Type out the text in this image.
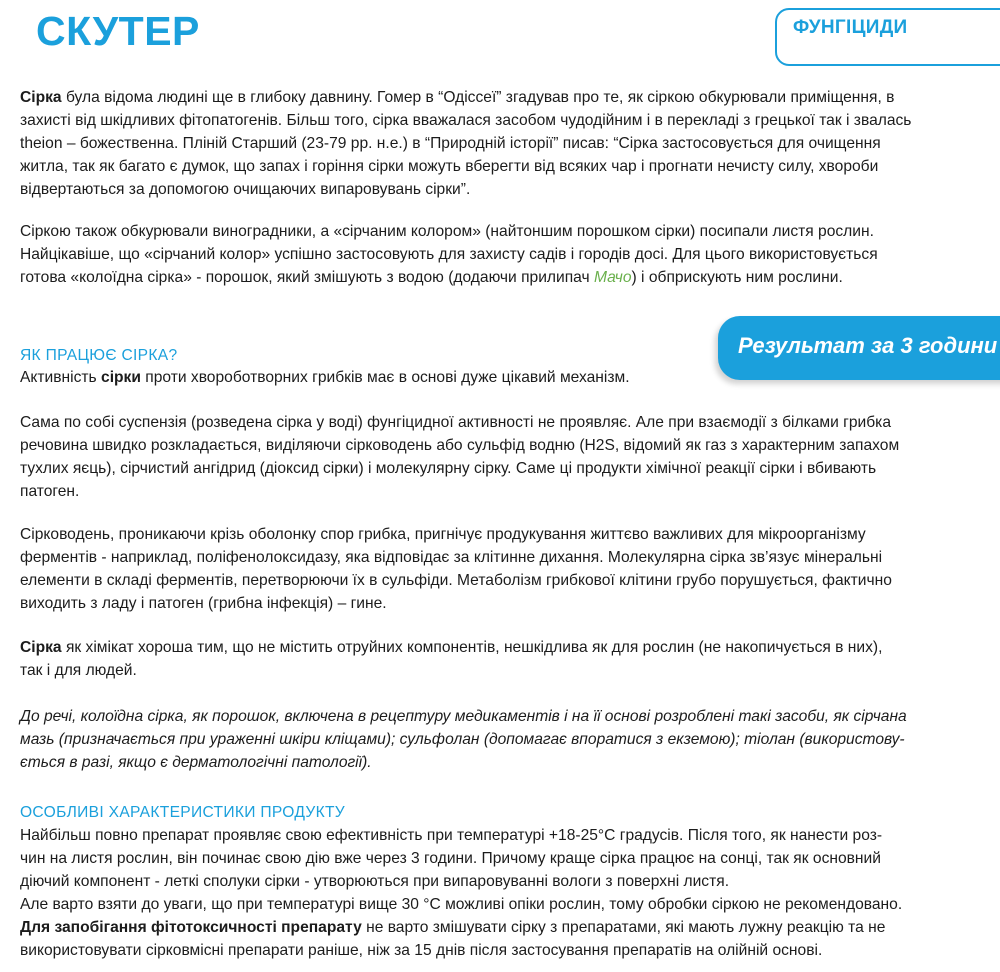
СКУТЕР	ФУНГІЦИДИ
Результат за 3 години

Сірка була відома людині ще в глибоку давнину. Гомер в “Одіссеї” згадував про те, як сіркою обкурювали приміщення, в

захисті від шкідливих фітопатогенів. Більш того, сірка вважалася засобом чудодійним і в перекладі з грецької так і звалась

theion – божественна. Пліній Старший (23-79 рр. н.е.) в “Природній історії” писав: “Сірка застосовується для очищення

житла, так як багато є думок, що запах і горіння сірки можуть вберегти від всяких чар і прогнати нечисту силу, хвороби

відвертаються за допомогою очищаючих випаровувань сірки”.

Сіркою також обкурювали виноградники, а «сірчаним колором» (найтоншим порошком сірки) посипали листя рослин.

Найцікавіше, що «сірчаний колор» успішно застосовують для захисту садів і городів досі. Для цього використовується

готова «колоїдна сірка» - порошок, який змішують з водою (додаючи прилипач Мачо) і обприскують ним рослини.

ЯК ПРАЦЮЄ СІРКА?

Активність сірки проти хвороботворних грибків має в основі дуже цікавий механізм.

Сама по собі суспензія (розведена сірка у воді) фунгіцидної активності не проявляє. Але при взаємодії з білками грибка

речовина швидко розкладається, виділяючи сірководень або сульфід водню (H2S, відомий як газ з характерним запахом

тухлих яєць), сірчистий ангідрид (діоксид сірки) і молекулярну сірку. Саме ці продукти хімічної реакції сірки і вбивають

патоген.

Сірководень, проникаючи крізь оболонку спор грибка, пригнічує продукування життєво важливих для мікроорганізму

ферментів - наприклад, поліфенолоксидазу, яка відповідає за клітинне дихання. Молекулярна сірка зв’язує мінеральні

елементи в складі ферментів, перетворюючи їх в сульфіди. Метаболізм грибкової клітини грубо порушується, фактично

виходить з ладу і патоген (грибна інфекція) – гине.

Сірка як хімікат хороша тим, що не містить отруйних компонентів, нешкідлива як для рослин (не накопичується в них),

так і для людей.

До речі, колоїдна сірка, як порошок, включена в рецептуру медикаментів і на її основі розроблені такі засоби, як сірчана

мазь (призначається при ураженні шкіри кліщами); сульфолан (допомагає впоратися з екземою); тіолан (використову-

ється в разі, якщо є дерматологічні патології).

ОСОБЛИВІ ХАРАКТЕРИСТИКИ ПРОДУКТУ

Найбільш повно препарат проявляє свою ефективність при температурі +18-25°С градусів. Після того, як нанести роз-

чин на листя рослин, він починає свою дію вже через 3 години. Причому краще сірка працює на сонці, так як основний

діючий компонент - леткі сполуки сірки - утворюються при випаровуванні вологи з поверхні листя.

Але варто взяти до уваги, що при температурі вище 30 °C можливі опіки рослин, тому обробки сіркою не рекомендовано.

Для запобігання фітотоксичності препарату не варто змішувати сірку з препаратами, які мають лужну реакцію та не

використовувати сірковмісні препарати раніше, ніж за 15 днів після застосування препаратів на олійній основі.
